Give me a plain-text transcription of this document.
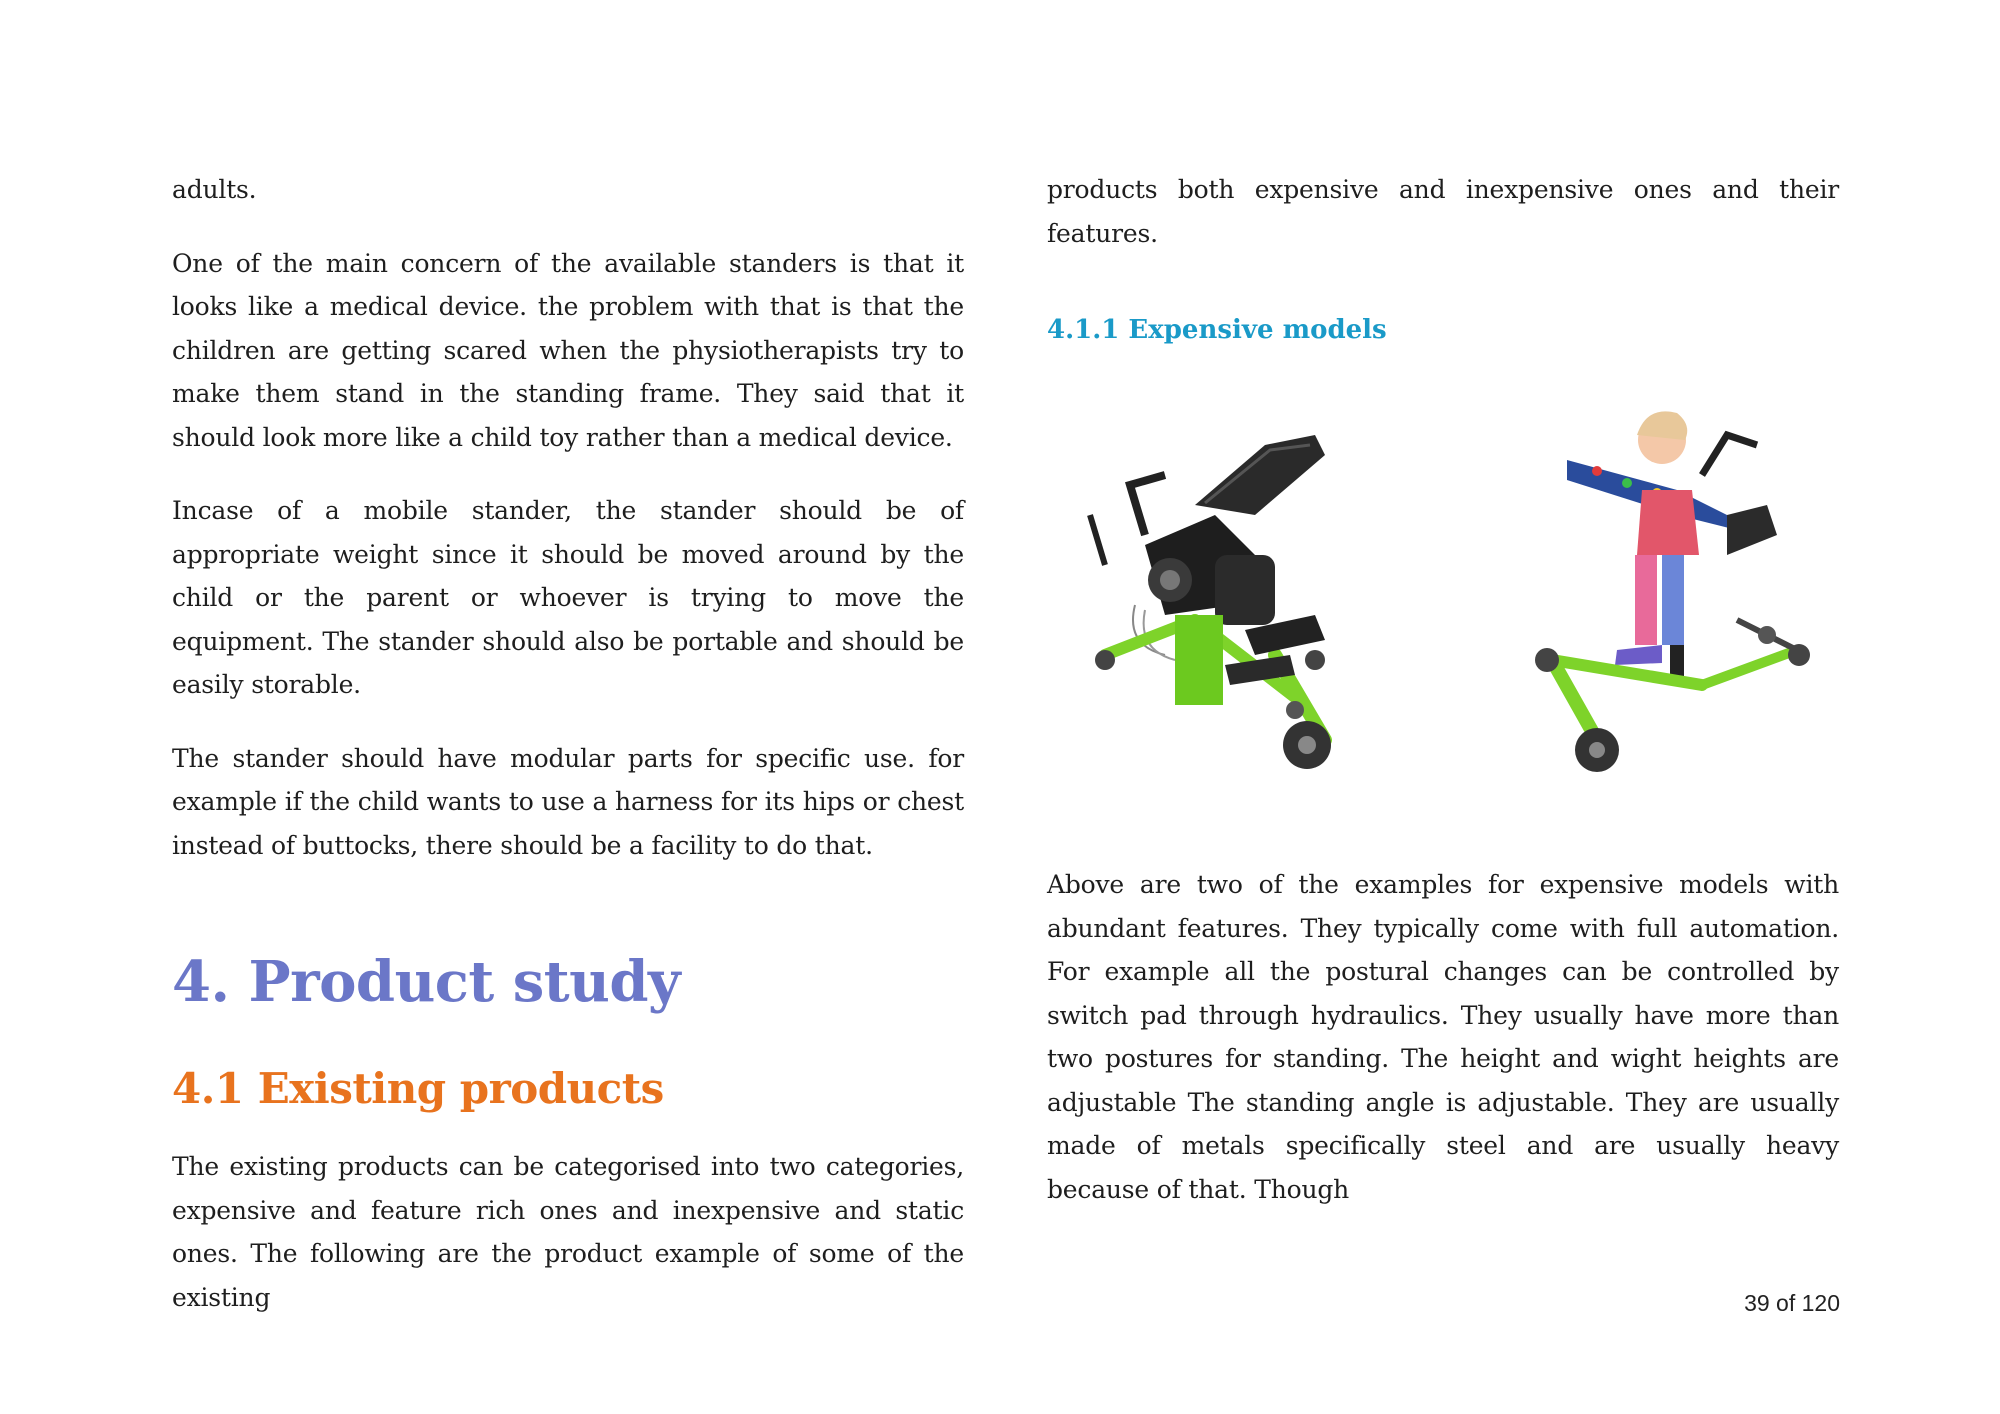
adults.

One of the main concern of the available standers is that it looks like a medical device. the problem with that is that the children are getting scared when the physiotherapists try to make them stand in the standing frame. They said that it should look more like a child toy rather than a medical device.

Incase of a mobile stander, the stander should be of appropriate weight since it should be moved around by the child or the parent or whoever is trying to move the equipment. The stander should also be portable and should be easily storable.

The stander should have modular parts for specific use. for example if the child wants to use a harness for its hips or chest instead of buttocks, there should be a facility to do that.

4. Product study
4.1 Existing products

The existing products can be categorised into two categories, expensive and feature rich ones and inexpensive and static ones. The following are the product example of some of the existing

products both expensive and inexpensive ones and their features.

4.1.1 Expensive models

Above are two of the examples for expensive models with abundant features. They typically come with full automation. For example all the postural changes can be controlled by switch pad through hydraulics. They usually have more than two postures for standing. The height and wight heights are adjustable The standing angle is adjustable. They are usually made of metals specifically steel and are usually heavy because of that. Though

39 of 120
